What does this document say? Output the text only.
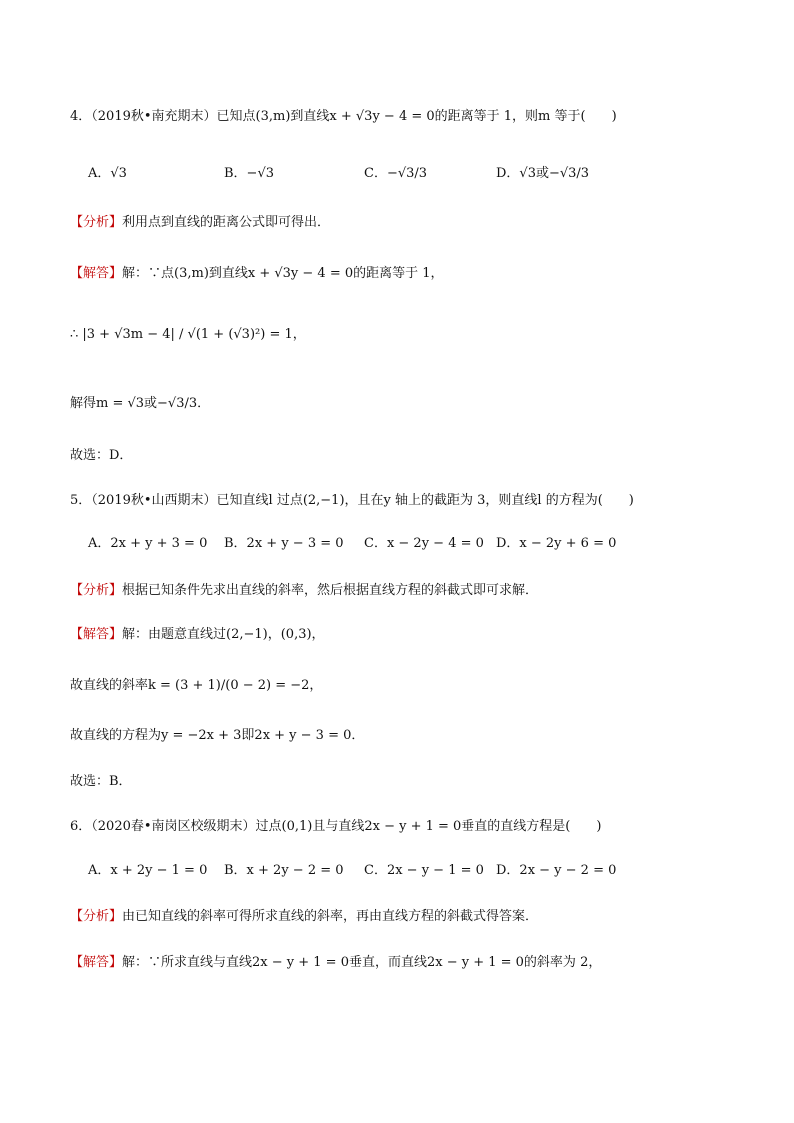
4．（2019秋•南充期末）已知点(3,m)到直线x + √3y − 4 = 0的距离等于 1，则m 等于(　　)
A．√3	B．−√3	C．−√3/3	D．√3或−√3/3
【分析】利用点到直线的距离公式即可得出．
【解答】解：∵点(3,m)到直线x + √3y − 4 = 0的距离等于 1，
∴ |3 + √3m − 4| / √(1 + (√3)²) = 1，
解得m = √3或−√3/3．
故选：D．
5．（2019秋•山西期末）已知直线l 过点(2,−1)，且在y 轴上的截距为 3，则直线l 的方程为(　　)
A．2x + y + 3 = 0 B．2x + y − 3 = 0 C．x − 2y − 4 = 0 D．x − 2y + 6 = 0
【分析】根据已知条件先求出直线的斜率，然后根据直线方程的斜截式即可求解．
【解答】解：由题意直线过(2,−1)，(0,3)，
故直线的斜率k = (3 + 1)/(0 − 2) = −2，
故直线的方程为y = −2x + 3即2x + y − 3 = 0．
故选：B．
6．（2020春•南岗区校级期末）过点(0,1)且与直线2x − y + 1 = 0垂直的直线方程是(　　)
A．x + 2y − 1 = 0 B．x + 2y − 2 = 0 C．2x − y − 1 = 0 D．2x − y − 2 = 0
【分析】由已知直线的斜率可得所求直线的斜率，再由直线方程的斜截式得答案．
【解答】解：∵所求直线与直线2x − y + 1 = 0垂直，而直线2x − y + 1 = 0的斜率为 2，
